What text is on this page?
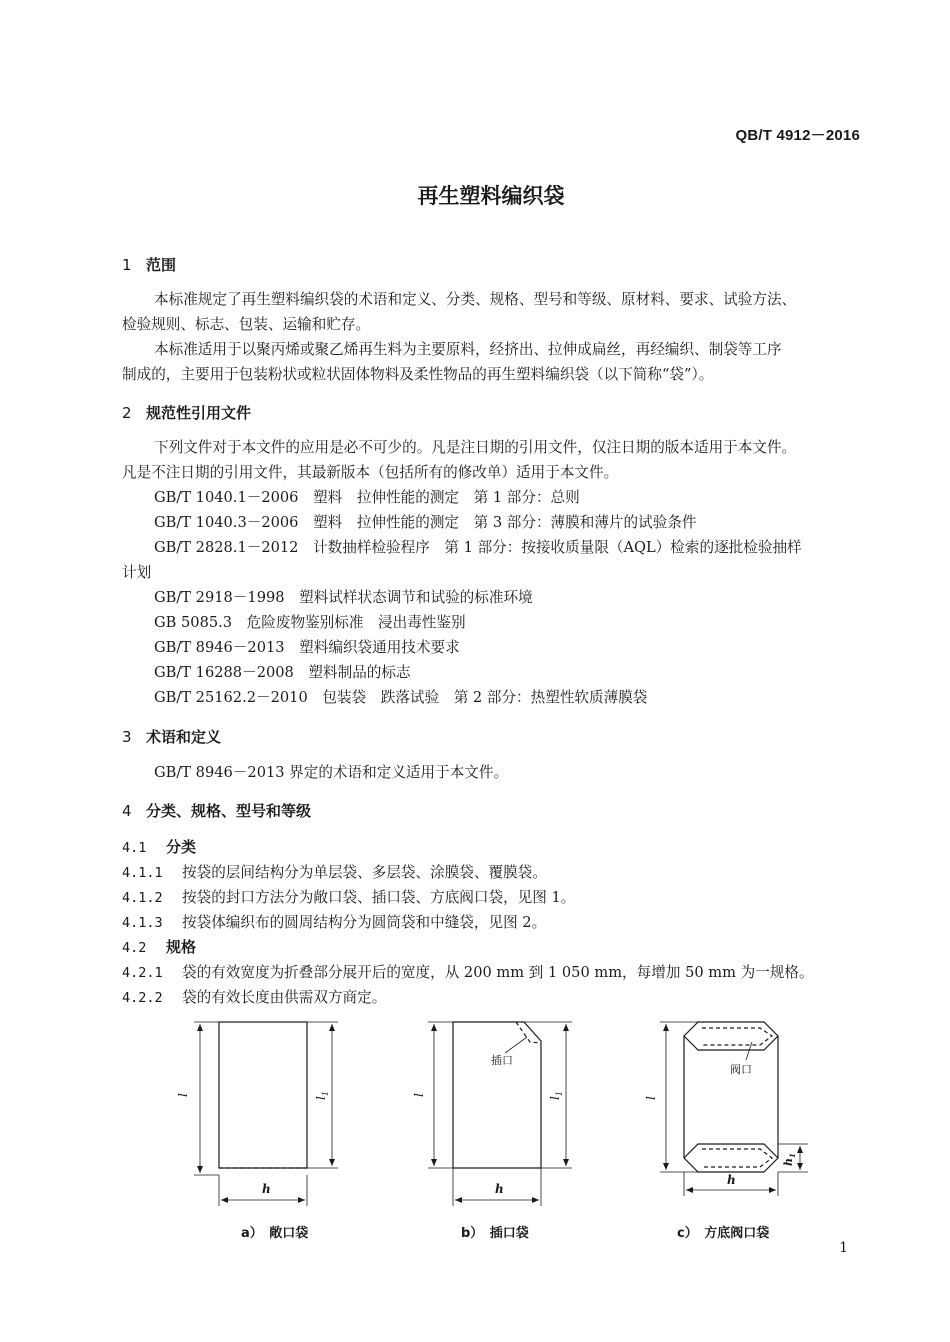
QB/T 4912－2016
再生塑料编织袋
1 范围
本标准规定了再生塑料编织袋的术语和定义、分类、规格、型号和等级、原材料、要求、试验方法、
检验规则、标志、包装、运输和贮存。
本标准适用于以聚丙烯或聚乙烯再生料为主要原料，经挤出、拉伸成扁丝，再经编织、制袋等工序
制成的，主要用于包装粉状或粒状固体物料及柔性物品的再生塑料编织袋（以下简称“袋”）。
2 规范性引用文件
下列文件对于本文件的应用是必不可少的。凡是注日期的引用文件，仅注日期的版本适用于本文件。
凡是不注日期的引用文件，其最新版本（包括所有的修改单）适用于本文件。
GB/T 1040.1－2006　塑料　拉伸性能的测定　第 1 部分：总则
GB/T 1040.3－2006　塑料　拉伸性能的测定　第 3 部分：薄膜和薄片的试验条件
GB/T 2828.1－2012　计数抽样检验程序　第 1 部分：按接收质量限（AQL）检索的逐批检验抽样
计划
GB/T 2918－1998　塑料试样状态调节和试验的标准环境
GB 5085.3　危险废物鉴别标准　浸出毒性鉴别
GB/T 8946－2013　塑料编织袋通用技术要求
GB/T 16288－2008　塑料制品的标志
GB/T 25162.2－2010　包装袋　跌落试验　第 2 部分：热塑性软质薄膜袋
3 术语和定义
GB/T 8946－2013 界定的术语和定义适用于本文件。
4 分类、规格、型号和等级
4.1 分类
4.1.1 按袋的层间结构分为单层袋、多层袋、涂膜袋、覆膜袋。
4.1.2 按袋的封口方法分为敞口袋、插口袋、方底阀口袋，见图 1。
4.1.3 按袋体编织布的圆周结构分为圆筒袋和中缝袋，见图 2。
4.2 规格
4.2.1 袋的有效宽度为折叠部分展开后的宽度，从 200 mm 到 1 050 mm，每增加 50 mm 为一规格。
4.2.2 袋的有效长度由供需双方商定。
l
$l_1$
h
插口
l
$l_1$
h
阀口
l
$h_1$
h
a）　敞口袋	b）　插口袋	c）　方底阀口袋
1
